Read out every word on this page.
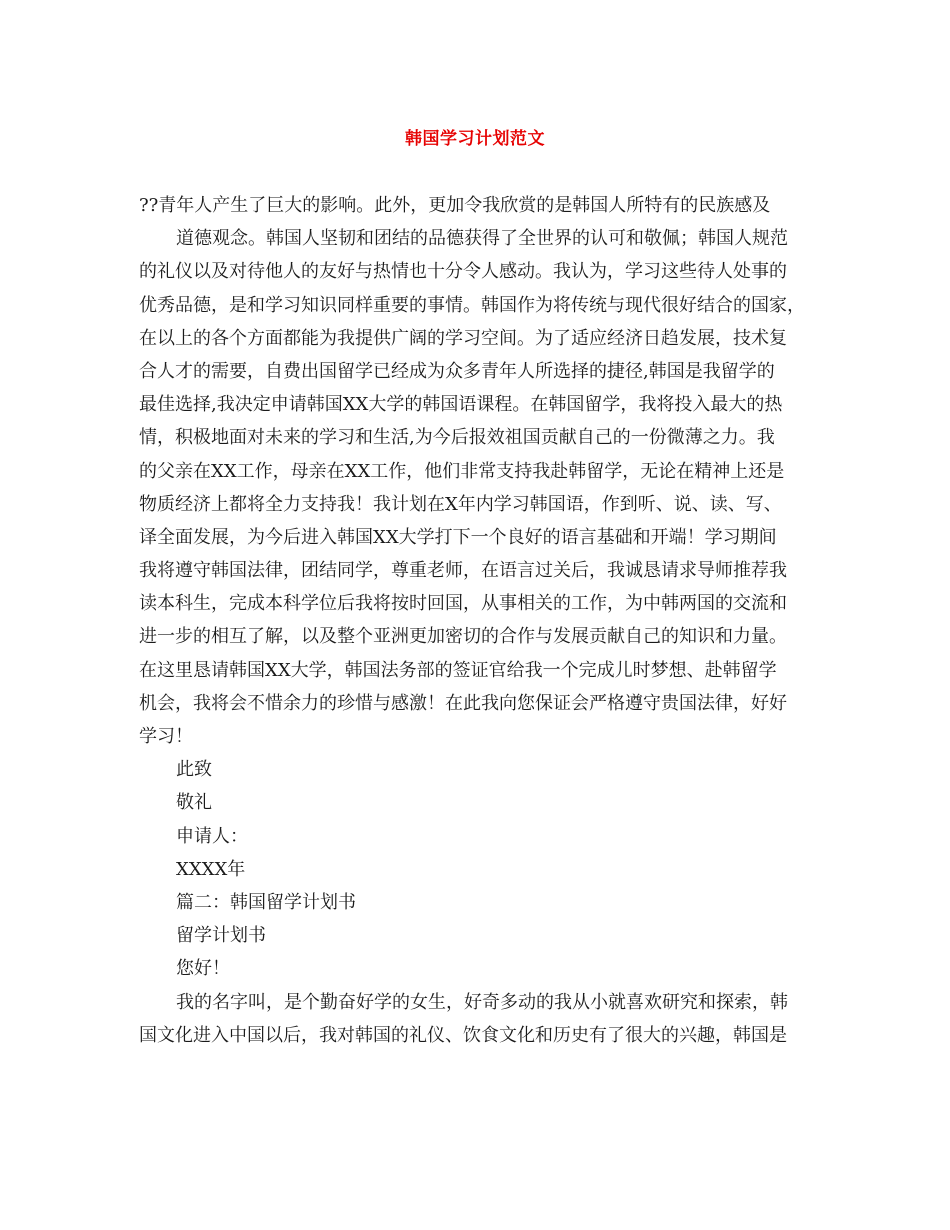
韩国学习计划范文
??青年人产生了巨大的影响。此外，更加令我欣赏的是韩国人所特有的民族感及
道德观念。韩国人坚韧和团结的品德获得了全世界的认可和敬佩；韩国人规范
的礼仪以及对待他人的友好与热情也十分令人感动。我认为，学习这些待人处事的
优秀品德，是和学习知识同样重要的事情。韩国作为将传统与现代很好结合的国家，
在以上的各个方面都能为我提供广阔的学习空间。为了适应经济日趋发展，技术复
合人才的需要，自费出国留学已经成为众多青年人所选择的捷径,韩国是我留学的
最佳选择,我决定申请韩国XX大学的韩国语课程。在韩国留学，我将投入最大的热
情，积极地面对未来的学习和生活,为今后报效祖国贡献自己的一份微薄之力。我
的父亲在XX工作，母亲在XX工作，他们非常支持我赴韩留学，无论在精神上还是
物质经济上都将全力支持我！我计划在X年内学习韩国语，作到听、说、读、写、
译全面发展，为今后进入韩国XX大学打下一个良好的语言基础和开端！学习期间
我将遵守韩国法律，团结同学，尊重老师，在语言过关后，我诚恳请求导师推荐我
读本科生，完成本科学位后我将按时回国，从事相关的工作，为中韩两国的交流和
进一步的相互了解，以及整个亚洲更加密切的合作与发展贡献自己的知识和力量。
在这里恳请韩国XX大学，韩国法务部的签证官给我一个完成儿时梦想、赴韩留学
机会，我将会不惜余力的珍惜与感激！在此我向您保证会严格遵守贵国法律，好好
学习！
此致
敬礼
申请人：
XXXX年
篇二：韩国留学计划书
留学计划书
您好！
我的名字叫，是个勤奋好学的女生，好奇多动的我从小就喜欢研究和探索，韩
国文化进入中国以后，我对韩国的礼仪、饮食文化和历史有了很大的兴趣，韩国是
